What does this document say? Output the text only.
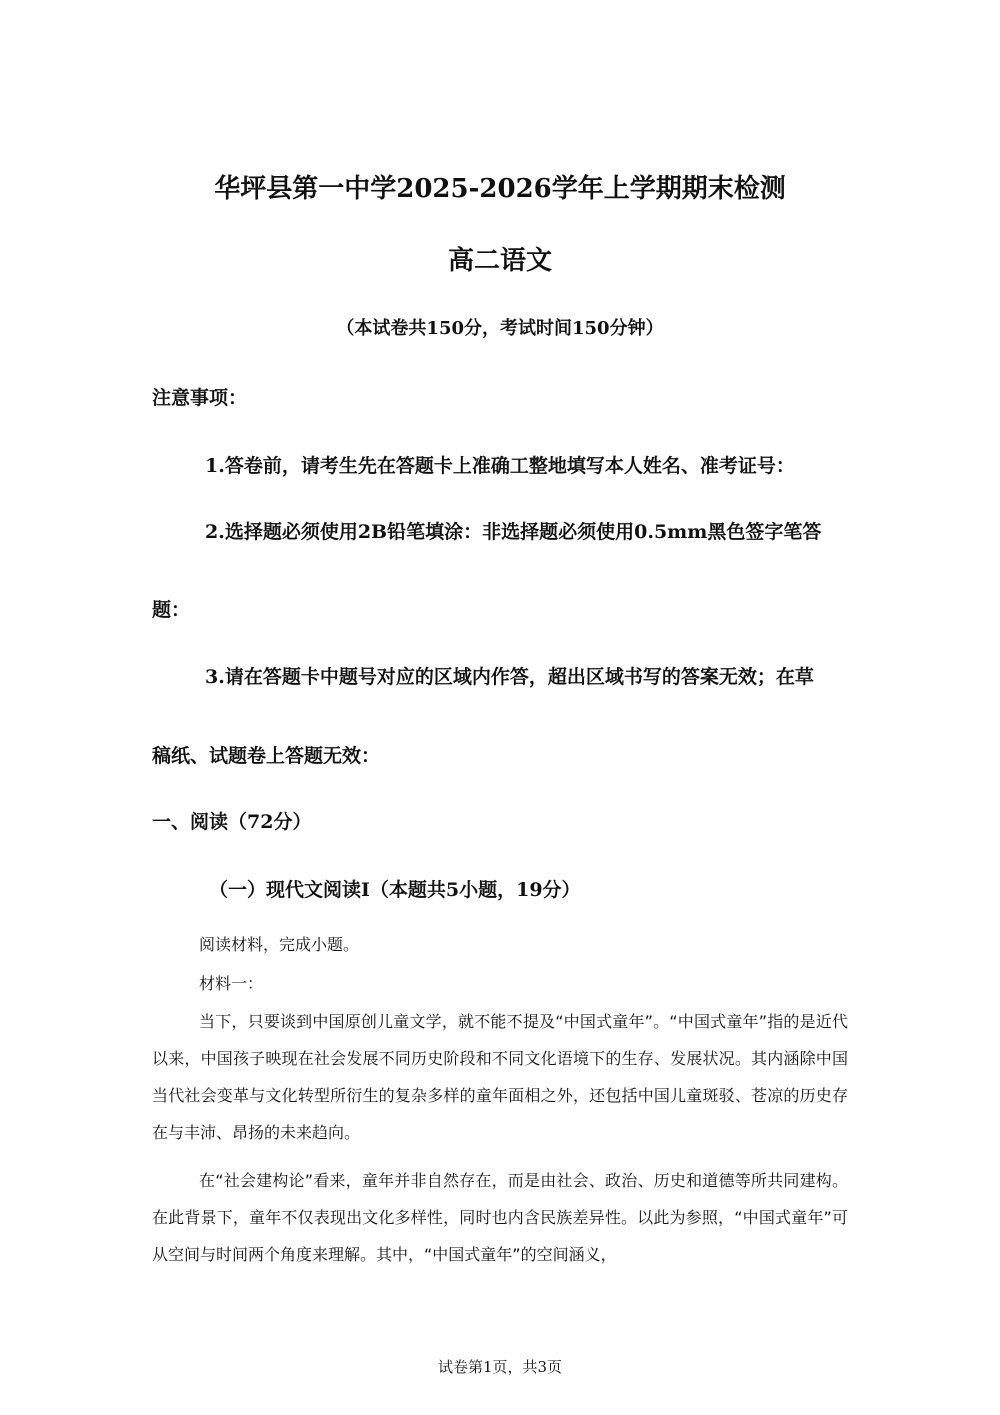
华坪县第一中学2025-2026学年上学期期末检测
高二语文
（本试卷共150分，考试时间150分钟）
注意事项：
1.答卷前，请考生先在答题卡上准确工整地填写本人姓名、准考证号：
2.选择题必须使用2B铅笔填涂：非选择题必须使用0.5mm黑色签字笔答
题：
3.请在答题卡中题号对应的区域内作答，超出区域书写的答案无效；在草
稿纸、试题卷上答题无效：
一、阅读（72分）
（一）现代文阅读Ⅰ（本题共5小题，19分）
阅读材料，完成小题。
材料一：
当下，只要谈到中国原创儿童文学，就不能不提及“中国式童年”。“中国式童年”指的是近代以来，中国孩子映现在社会发展不同历史阶段和不同文化语境下的生存、发展状况。其内涵除中国当代社会变革与文化转型所衍生的复杂多样的童年面相之外，还包括中国儿童斑驳、苍凉的历史存在与丰沛、昂扬的未来趋向。
在“社会建构论”看来，童年并非自然存在，而是由社会、政治、历史和道德等所共同建构。在此背景下，童年不仅表现出文化多样性，同时也内含民族差异性。以此为参照，“中国式童年”可从空间与时间两个角度来理解。其中，“中国式童年”的空间涵义，
试卷第1页，共3页
